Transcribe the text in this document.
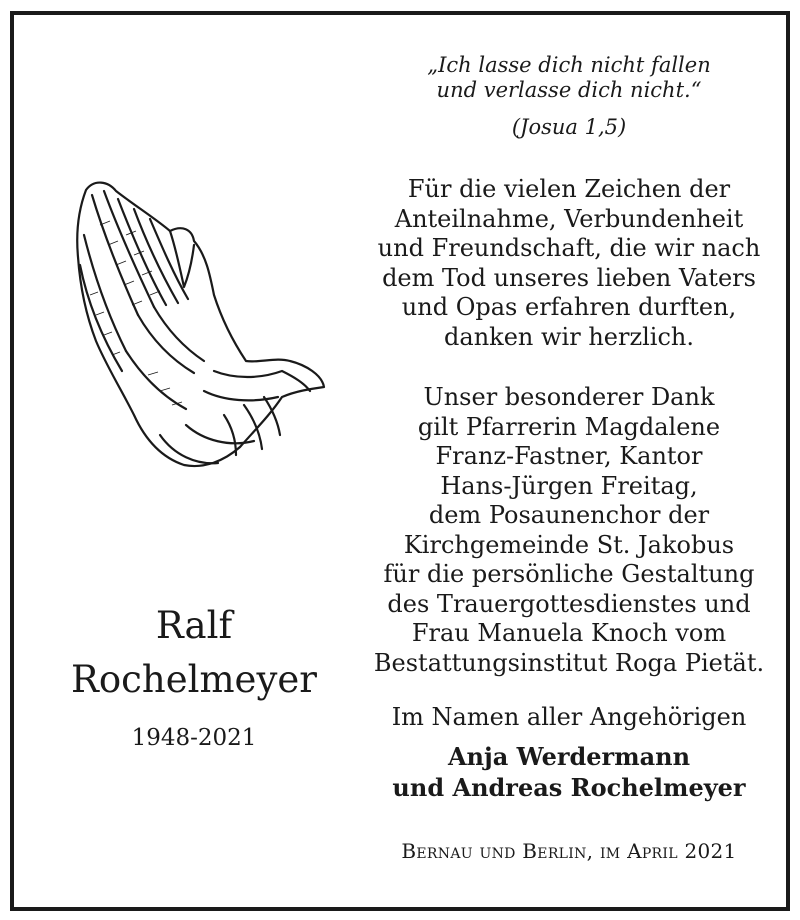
Ralf
Rochelmeyer
1948-2021
„Ich lasse dich nicht fallen
und verlasse dich nicht.“
(Josua 1,5)
Für die vielen Zeichen der
Anteilnahme, Verbundenheit
und Freundschaft, die wir nach
dem Tod unseres lieben Vaters
und Opas erfahren durften,
danken wir herzlich.
Unser besonderer Dank
gilt Pfarrerin Magdalene
Franz-Fastner, Kantor
Hans-Jürgen Freitag,
dem Posaunenchor der
Kirchgemeinde St. Jakobus
für die persönliche Gestaltung
des Trauergottesdienstes und
Frau Manuela Knoch vom
Bestattungsinstitut Roga Pietät.
Im Namen aller Angehörigen
Anja Werdermann
und Andreas Rochelmeyer
Bernau und Berlin, im April 2021
